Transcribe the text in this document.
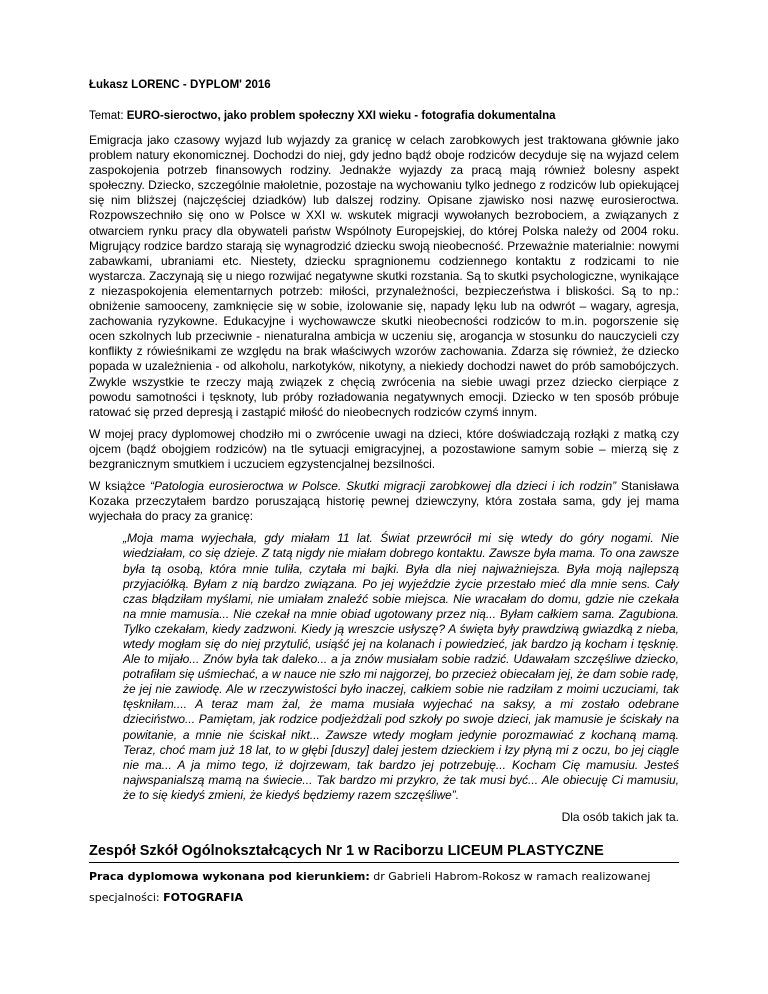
Łukasz LORENC - DYPLOM' 2016
Temat: EURO-sieroctwo, jako problem społeczny XXI wieku - fotografia dokumentalna

Emigracja jako czasowy wyjazd lub wyjazdy za granicę w celach zarobkowych jest traktowana głównie jako problem natury ekonomicznej. Dochodzi do niej, gdy jedno bądź oboje rodziców decyduje się na wyjazd celem zaspokojenia potrzeb finansowych rodziny. Jednakże wyjazdy za pracą mają również bolesny aspekt społeczny. Dziecko, szczególnie małoletnie, pozostaje na wychowaniu tylko jednego z rodziców lub opiekującej się nim bliższej (najczęściej dziadków) lub dalszej rodziny. Opisane zjawisko nosi nazwę eurosieroctwa. Rozpowszechniło się ono w Polsce w XXI w. wskutek migracji wywołanych bezrobociem, a związanych z otwarciem rynku pracy dla obywateli państw Wspólnoty Europejskiej, do której Polska należy od 2004 roku. Migrujący rodzice bardzo starają się wynagrodzić dziecku swoją nieobecność. Przeważnie materialnie: nowymi zabawkami, ubraniami etc. Niestety, dziecku spragnionemu codziennego kontaktu z rodzicami to nie wystarcza. Zaczynają się u niego rozwijać negatywne skutki rozstania. Są to skutki psychologiczne, wynikające z niezaspokojenia elementarnych potrzeb: miłości, przynależności, bezpieczeństwa i bliskości. Są to np.: obniżenie samooceny, zamknięcie się w sobie, izolowanie się, napady lęku lub na odwrót – wagary, agresja, zachowania ryzykowne. Edukacyjne i wychowawcze skutki nieobecności rodziców to m.in. pogorszenie się ocen szkolnych lub przeciwnie - nienaturalna ambicja w uczeniu się, arogancja w stosunku do nauczycieli czy konflikty z rówieśnikami ze względu na brak właściwych wzorów zachowania. Zdarza się również, że dziecko popada w uzależnienia - od alkoholu, narkotyków, nikotyny, a niekiedy dochodzi nawet do prób samobójczych. Zwykle wszystkie te rzeczy mają związek z chęcią zwrócenia na siebie uwagi przez dziecko cierpiące z powodu samotności i tęsknoty, lub próby rozładowania negatywnych emocji. Dziecko w ten sposób próbuje ratować się przed depresją i zastąpić miłość do nieobecnych rodziców czymś innym.

W mojej pracy dyplomowej chodziło mi o zwrócenie uwagi na dzieci, które doświadczają rozłąki z matką czy ojcem (bądź obojgiem rodziców) na tle sytuacji emigracyjnej, a pozostawione samym sobie – mierzą się z bezgranicznym smutkiem i uczuciem egzystencjalnej bezsilności.

W książce “Patologia eurosieroctwa w Polsce. Skutki migracji zarobkowej dla dzieci i ich rodzin” Stanisława Kozaka przeczytałem bardzo poruszającą historię pewnej dziewczyny, która została sama, gdy jej mama wyjechała do pracy za granicę:

„Moja mama wyjechała, gdy miałam 11 lat. Świat przewrócił mi się wtedy do góry nogami. Nie wiedziałam, co się dzieje. Z tatą nigdy nie miałam dobrego kontaktu. Zawsze była mama. To ona zawsze była tą osobą, która mnie tuliła, czytała mi bajki. Była dla niej najważniejsza. Była moją najlepszą przyjaciółką. Byłam z nią bardzo związana. Po jej wyjeździe życie przestało mieć dla mnie sens. Cały czas błądziłam myślami, nie umiałam znaleźć sobie miejsca. Nie wracałam do domu, gdzie nie czekała na mnie mamusia... Nie czekał na mnie obiad ugotowany przez nią... Byłam całkiem sama. Zagubiona. Tylko czekałam, kiedy zadzwoni. Kiedy ją wreszcie usłyszę? A święta były prawdziwą gwiazdką z nieba, wtedy mogłam się do niej przytulić, usiąść jej na kolanach i powiedzieć, jak bardzo ją kocham i tęsknię. Ale to mijało... Znów była tak daleko... a ja znów musiałam sobie radzić. Udawałam szczęśliwe dziecko, potrafiłam się uśmiechać, a w nauce nie szło mi najgorzej, bo przecież obiecałam jej, że dam sobie radę, że jej nie zawiodę. Ale w rzeczywistości było inaczej, całkiem sobie nie radziłam z moimi uczuciami, tak tęskniłam.... A teraz mam żal, że mama musiała wyjechać na saksy, a mi zostało odebrane dzieciństwo... Pamiętam, jak rodzice podjeżdżali pod szkoły po swoje dzieci, jak mamusie je ściskały na powitanie, a mnie nie ściskał nikt... Zawsze wtedy mogłam jedynie porozmawiać z kochaną mamą. Teraz, choć mam już 18 lat, to w głębi [duszy] dalej jestem dzieckiem i łzy płyną mi z oczu, bo jej ciągle nie ma... A ja mimo tego, iż dojrzewam, tak bardzo jej potrzebuję... Kocham Cię mamusiu. Jesteś najwspanialszą mamą na świecie... Tak bardzo mi przykro, że tak musi być... Ale obiecuję Ci mamusiu, że to się kiedyś zmieni, że kiedyś będziemy razem szczęśliwe”.

Dla osób takich jak ta.
Zespół Szkół Ogólnokształcących Nr 1 w Raciborzu LICEUM PLASTYCZNE

Praca dyplomowa wykonana pod kierunkiem: dr Gabrieli Habrom-Rokosz w ramach realizowanej specjalności: FOTOGRAFIA
